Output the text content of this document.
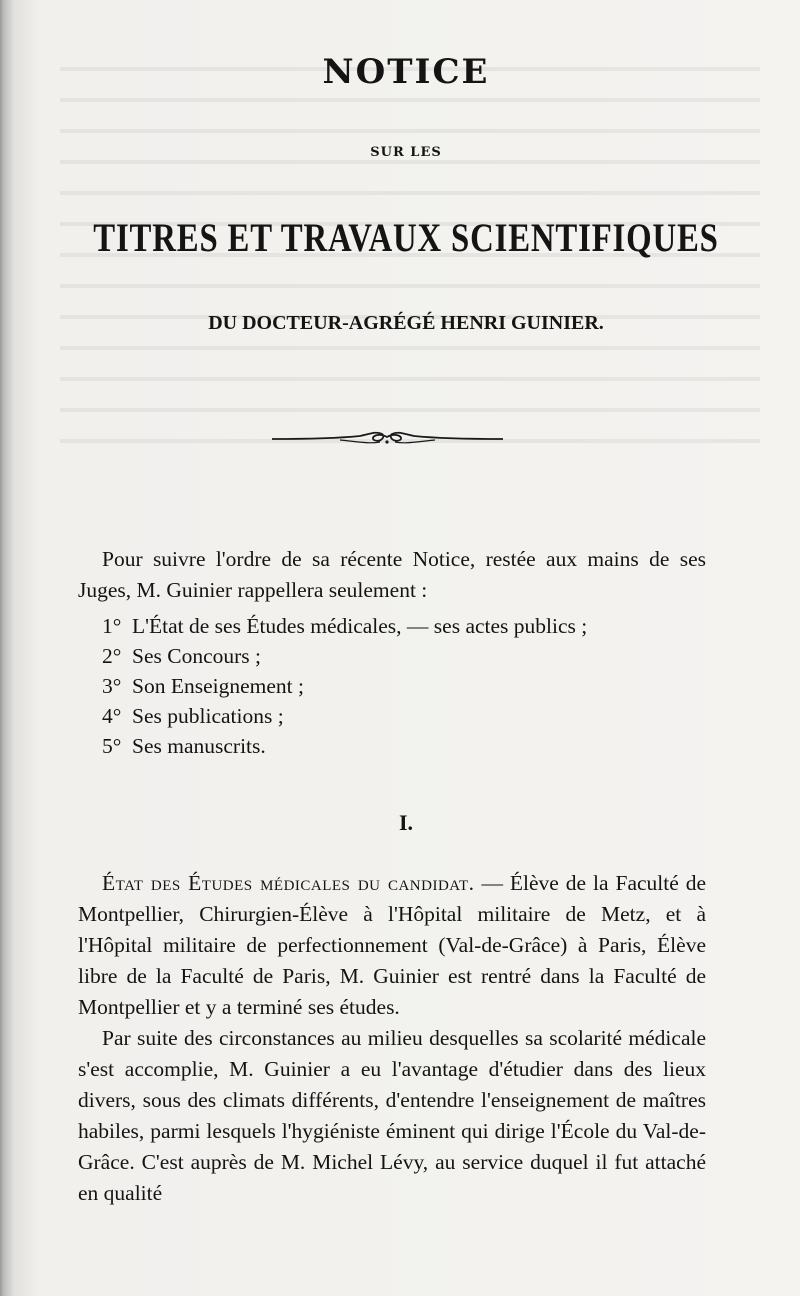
NOTICE
SUR LES
TITRES ET TRAVAUX SCIENTIFIQUES
DU DOCTEUR-AGRÉGÉ HENRI GUINIER.

Pour suivre l'ordre de sa récente Notice, restée aux mains de ses Juges, M. Guinier rappellera seulement :

1° L'État de ses Études médicales, — ses actes publics ;
2° Ses Concours ;
3° Son Enseignement ;
4° Ses publications ;
5° Ses manuscrits.
I.

État des Études médicales du candidat. — Élève de la Faculté de Montpellier, Chirurgien-Élève à l'Hôpital militaire de Metz, et à l'Hôpital militaire de perfectionnement (Val-de-Grâce) à Paris, Élève libre de la Faculté de Paris, M. Guinier est rentré dans la Faculté de Montpellier et y a terminé ses études.

Par suite des circonstances au milieu desquelles sa scolarité médicale s'est accomplie, M. Guinier a eu l'avantage d'étudier dans des lieux divers, sous des climats différents, d'entendre l'enseignement de maîtres habiles, parmi lesquels l'hygiéniste éminent qui dirige l'École du Val-de-Grâce. C'est auprès de M. Michel Lévy, au service duquel il fut attaché en qualité
